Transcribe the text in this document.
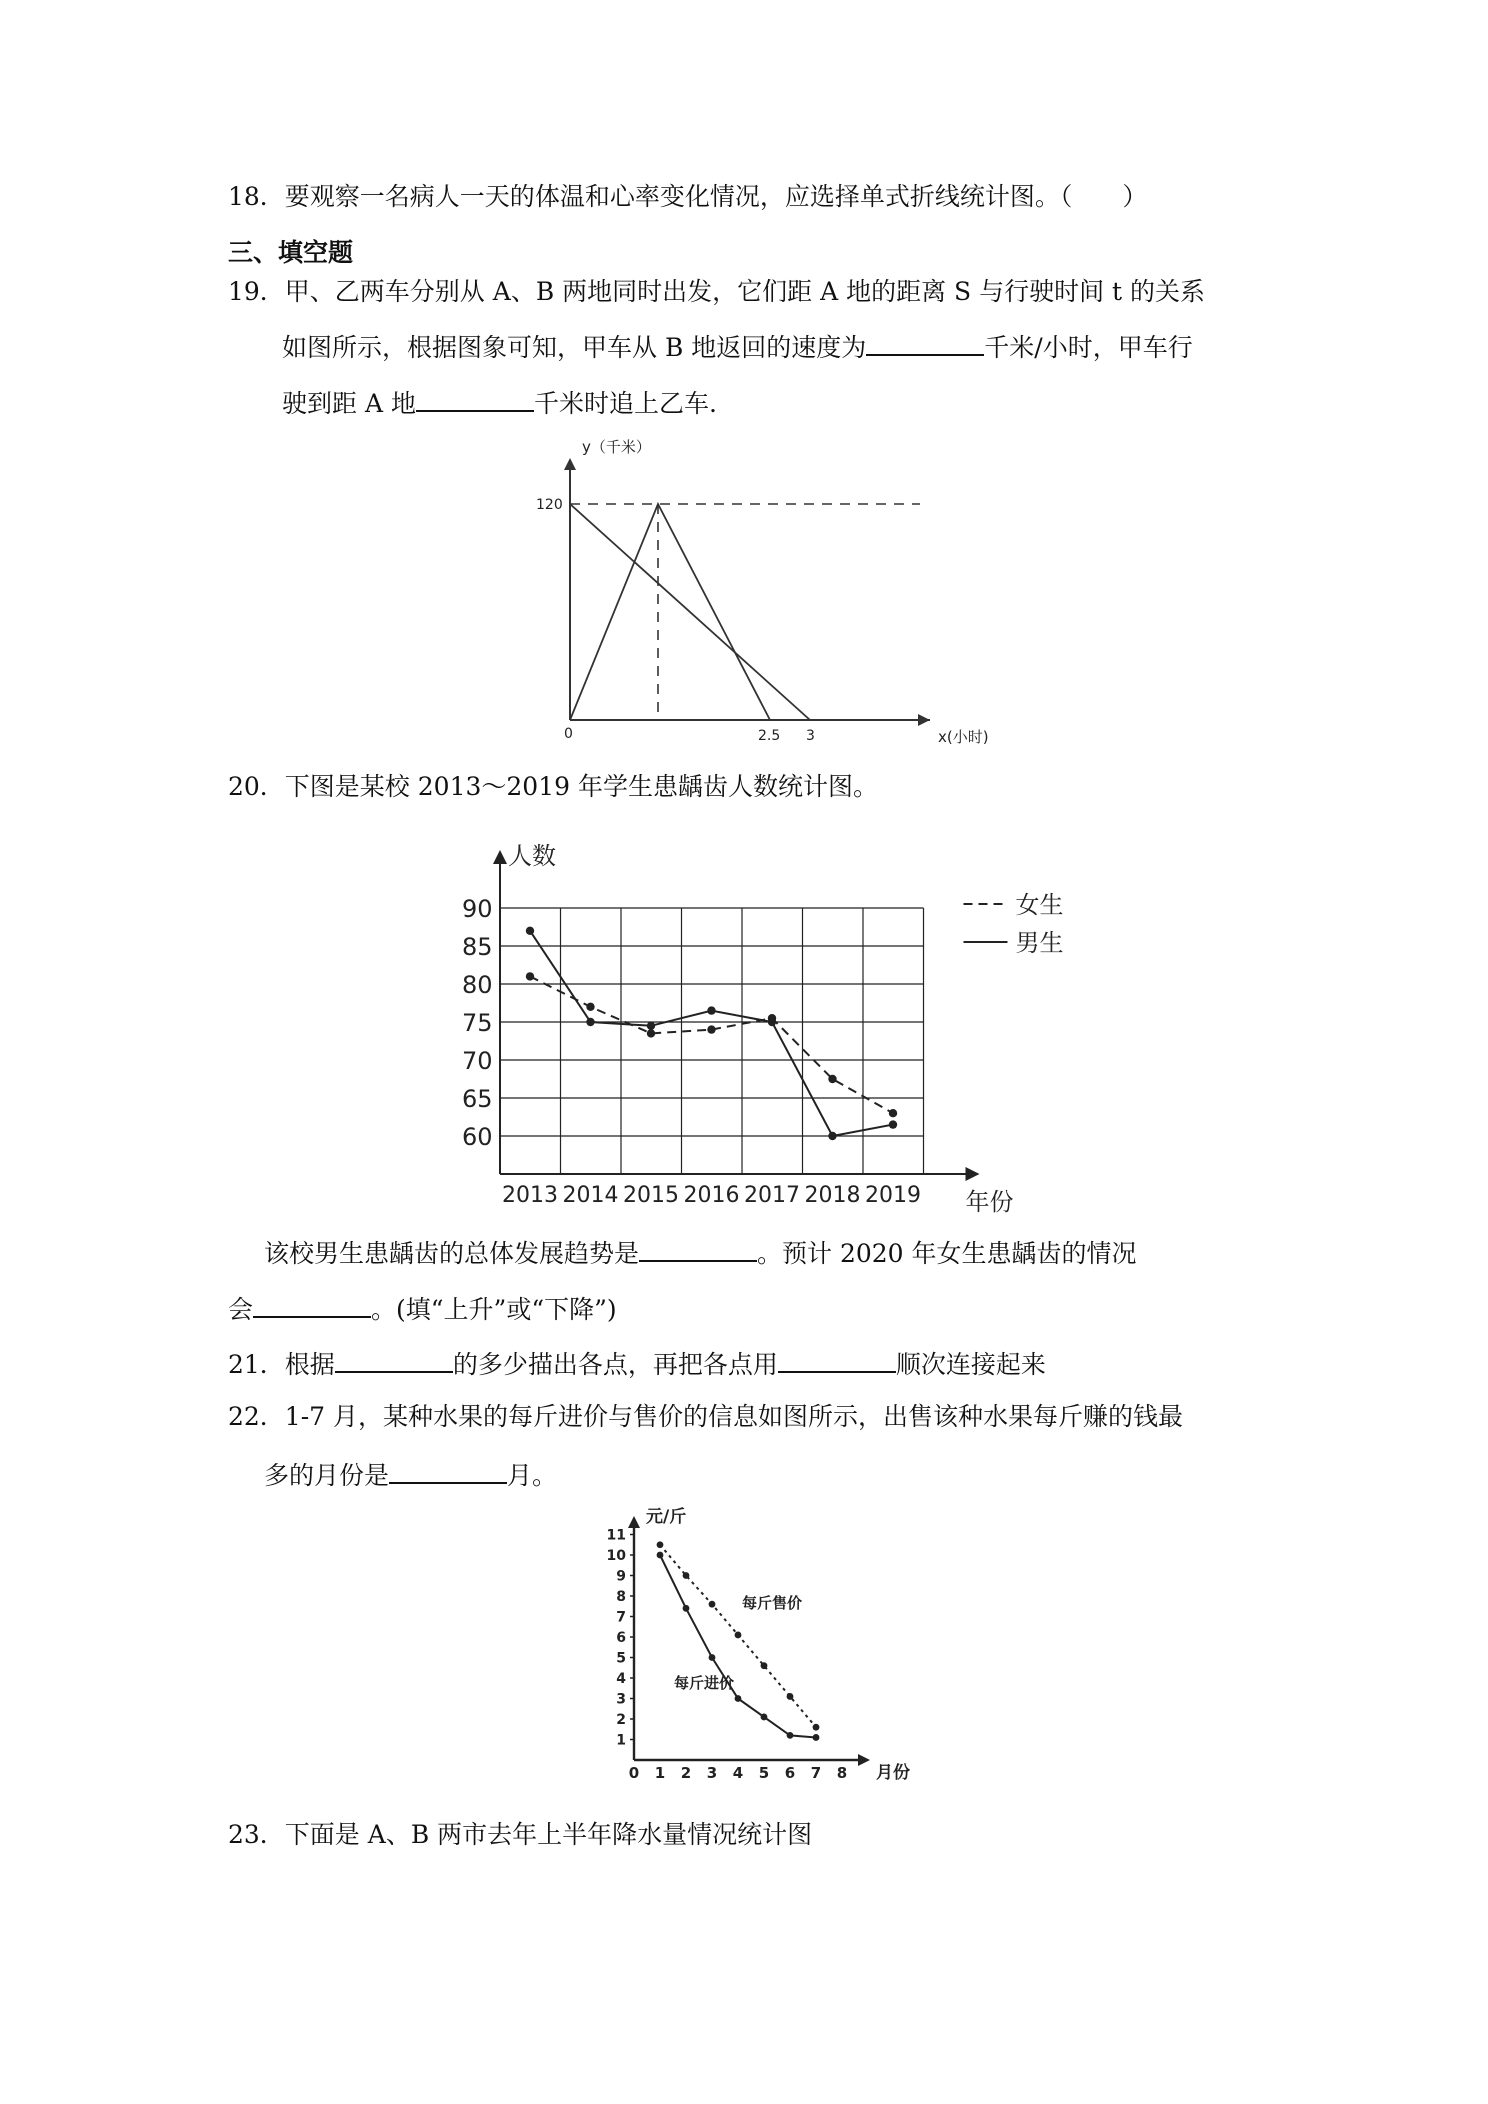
18．要观察一名病人一天的体温和心率变化情况，应选择单式折线统计图。（　　）
三、填空题
19．甲、乙两车分别从 A、B 两地同时出发，它们距 A 地的距离 S 与行驶时间 t 的关系
如图所示，根据图象可知，甲车从 B 地返回的速度为	千米/小时，甲车行
驶到距 A 地	千米时追上乙车.
y（千米）
x(小时)
0
120
2.5 3
20．下图是某校 2013～2019 年学生患龋齿人数统计图。
人数
年份
60
65
70
75
80
85
90
2013 2014 2015 2016 2017 2018 2019
女生
男生
该校男生患龋齿的总体发展趋势是	。预计 2020 年女生患龋齿的情况
会	。(填“上升”或“下降”)
21．根据	的多少描出各点，再把各点用	顺次连接起来
22．1-7 月，某种水果的每斤进价与售价的信息如图所示，出售该种水果每斤赚的钱最
多的月份是	月。
元/斤
月份
0 1 2 3 4 5 6 7 8
1
2
3
4
5
6
7
8
9
10
11
每斤售价
每斤进价
23．下面是 A、B 两市去年上半年降水量情况统计图
